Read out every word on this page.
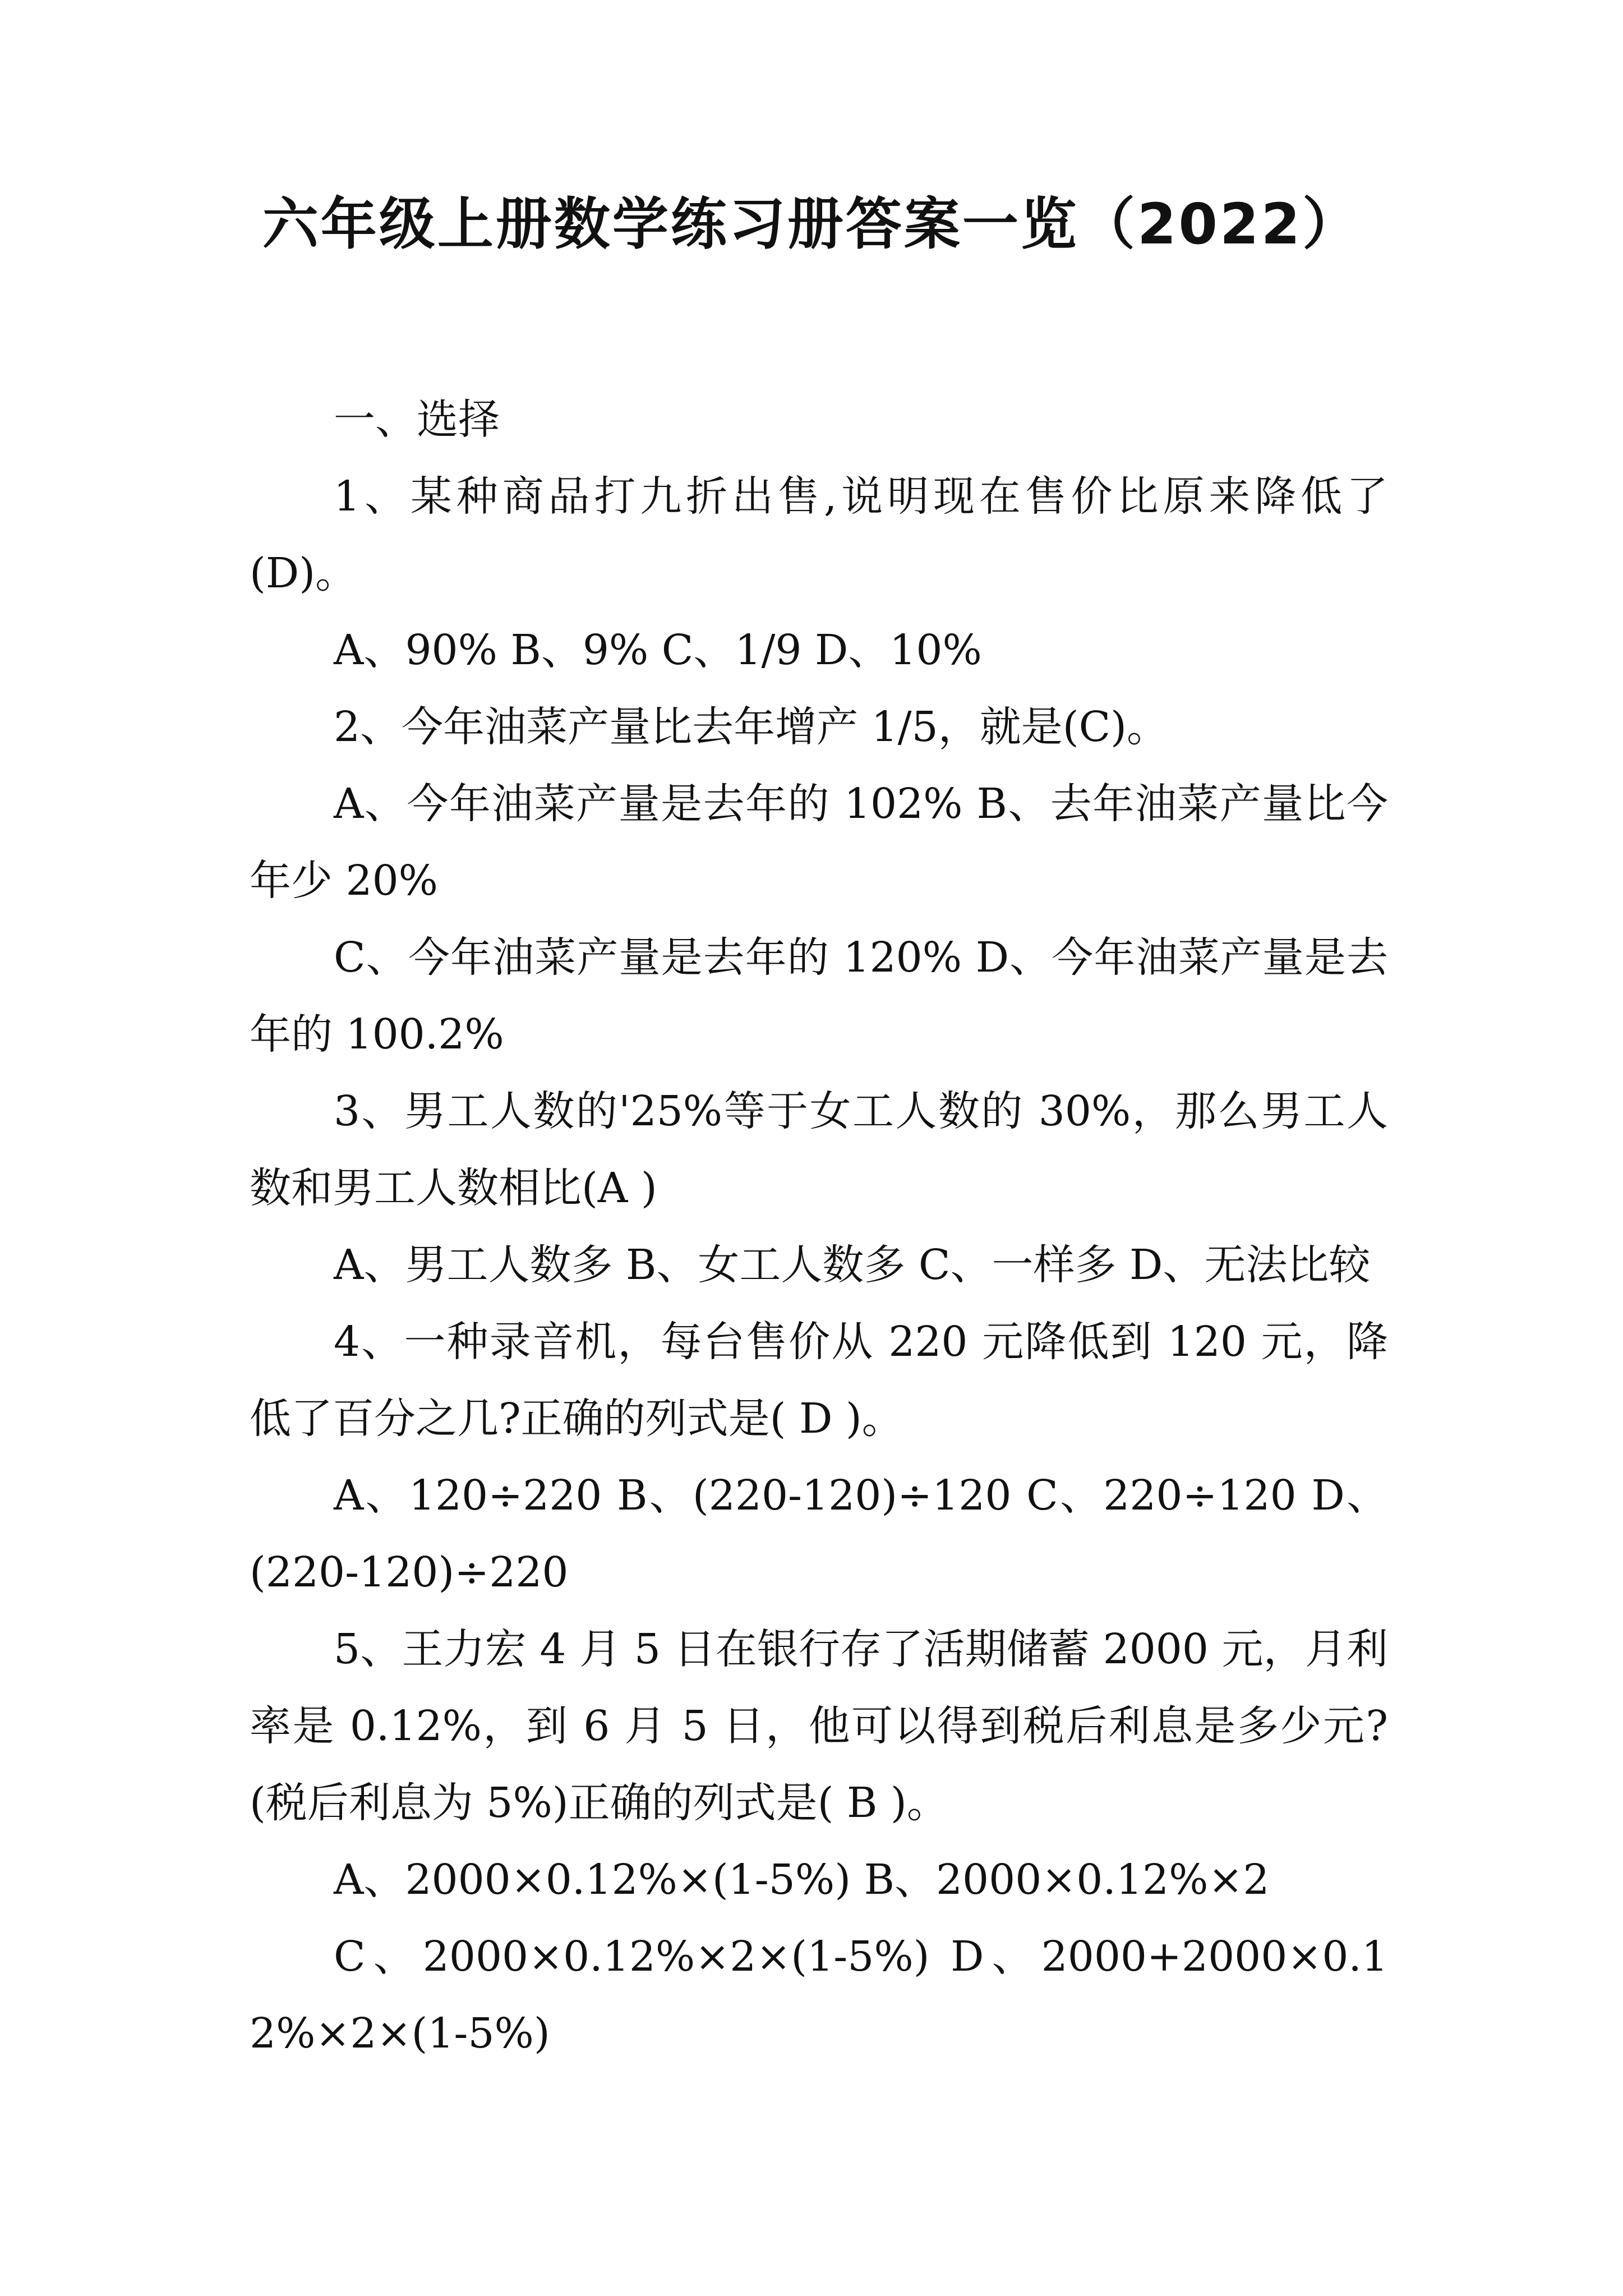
六年级上册数学练习册答案一览（2022）

一、选择

1、某种商品打九折出售,说明现在售价比原来降低了(D)。

A、90% B、9% C、1/9 D、10%

2、今年油菜产量比去年增产 1/5，就是(C)。

A、今年油菜产量是去年的 102% B、去年油菜产量比今年少 20%

C、今年油菜产量是去年的 120% D、今年油菜产量是去年的 100.2%

3、男工人数的'25%等于女工人数的 30%，那么男工人数和男工人数相比(A )

A、男工人数多 B、女工人数多 C、一样多 D、无法比较

4、一种录音机，每台售价从 220 元降低到 120 元，降低了百分之几?正确的列式是( D )。

A、120÷220 B、(220-120)÷120 C、220÷120 D、(220-120)÷220

5、王力宏 4 月 5 日在银行存了活期储蓄 2000 元，月利率是 0.12%，到 6 月 5 日，他可以得到税后利息是多少元?(税后利息为 5%)正确的列式是( B )。

A、2000×0.12%×(1-5%) B、2000×0.12%×2

C、2000×0.12%×2×(1-5%) D、2000+2000×0.12%×2×(1-5%)
